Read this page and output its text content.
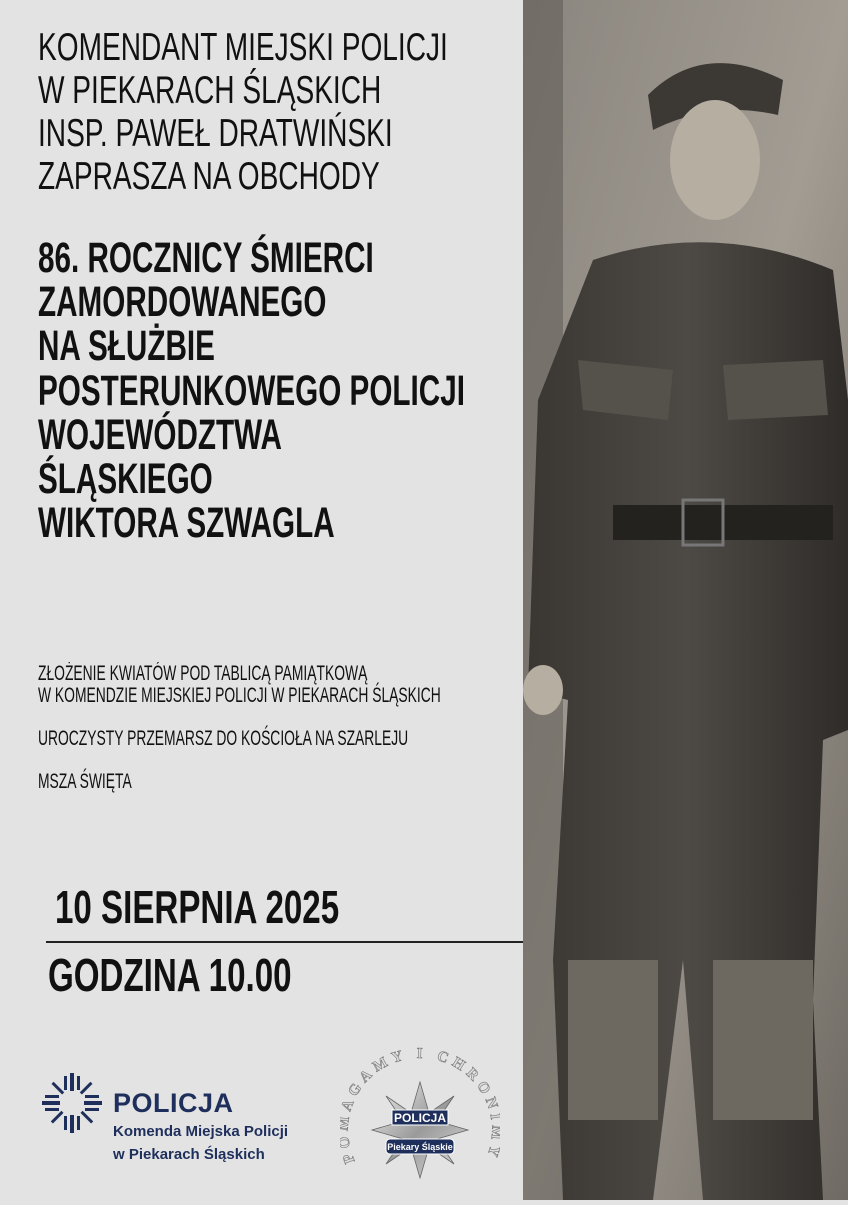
KOMENDANT MIEJSKI POLICJI
W PIEKARACH ŚLĄSKICH
INSP. PAWEŁ DRATWIŃSKI
ZAPRASZA NA OBCHODY
86. ROCZNICY ŚMIERCI
ZAMORDOWANEGO
NA SŁUŻBIE
POSTERUNKOWEGO POLICJI
WOJEWÓDZTWA
ŚLĄSKIEGO
WIKTORA SZWAGLA
ZŁOŻENIE KWIATÓW POD TABLICĄ PAMIĄTKOWĄ
W KOMENDZIE MIEJSKIEJ POLICJI W PIEKARACH ŚLĄSKICH
UROCZYSTY PRZEMARSZ DO KOŚCIOŁA NA SZARLEJU
MSZA ŚWIĘTA
10 SIERPNIA 2025
GODZINA 10.00
POLICJA
Komenda Miejska Policji
w Piekarach Śląskich
POLICJA
Piekary Śląskie
P AGAMY I CHRO
